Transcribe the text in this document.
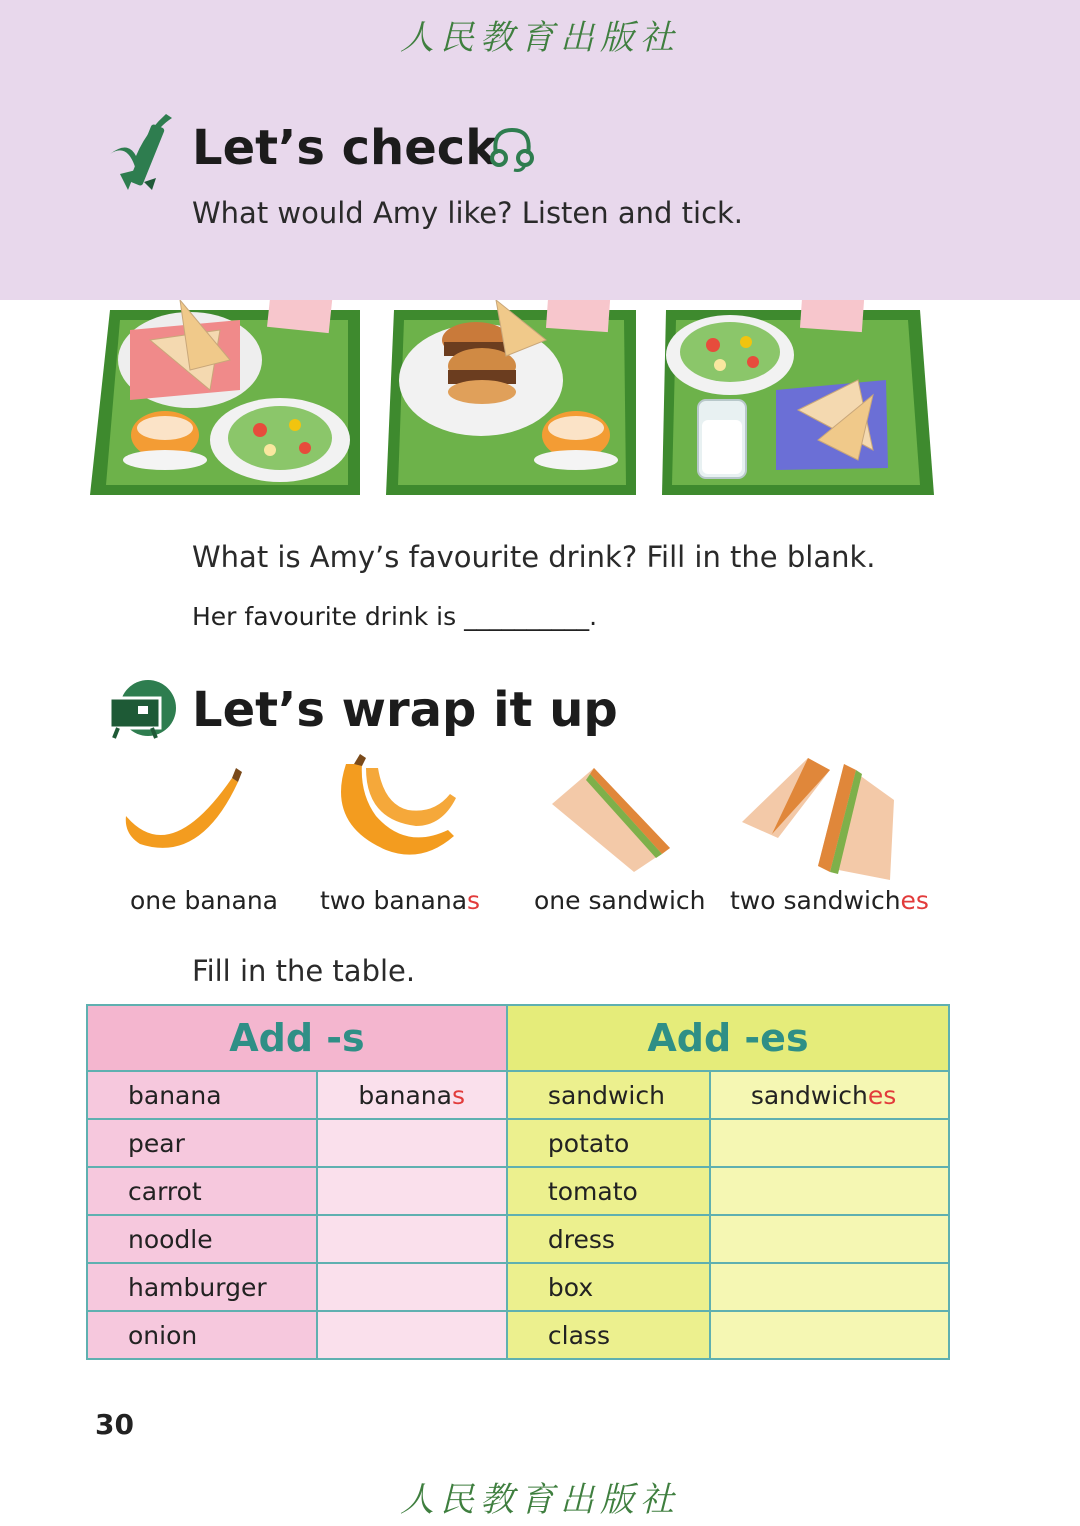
人民教育出版社
Let’s check

What would Amy like? Listen and tick.

What is Amy’s favourite drink? Fill in the blank.

Her favourite drink is __________.

Let’s wrap it up
one banana two bananas one sandwich two sandwiches

Fill in the table.

Add -s		Add -es	
banana	bananas	sandwich	sandwiches
pear		potato	
carrot		tomato	
noodle		dress	
hamburger		box	
onion		class	
30
人民教育出版社
